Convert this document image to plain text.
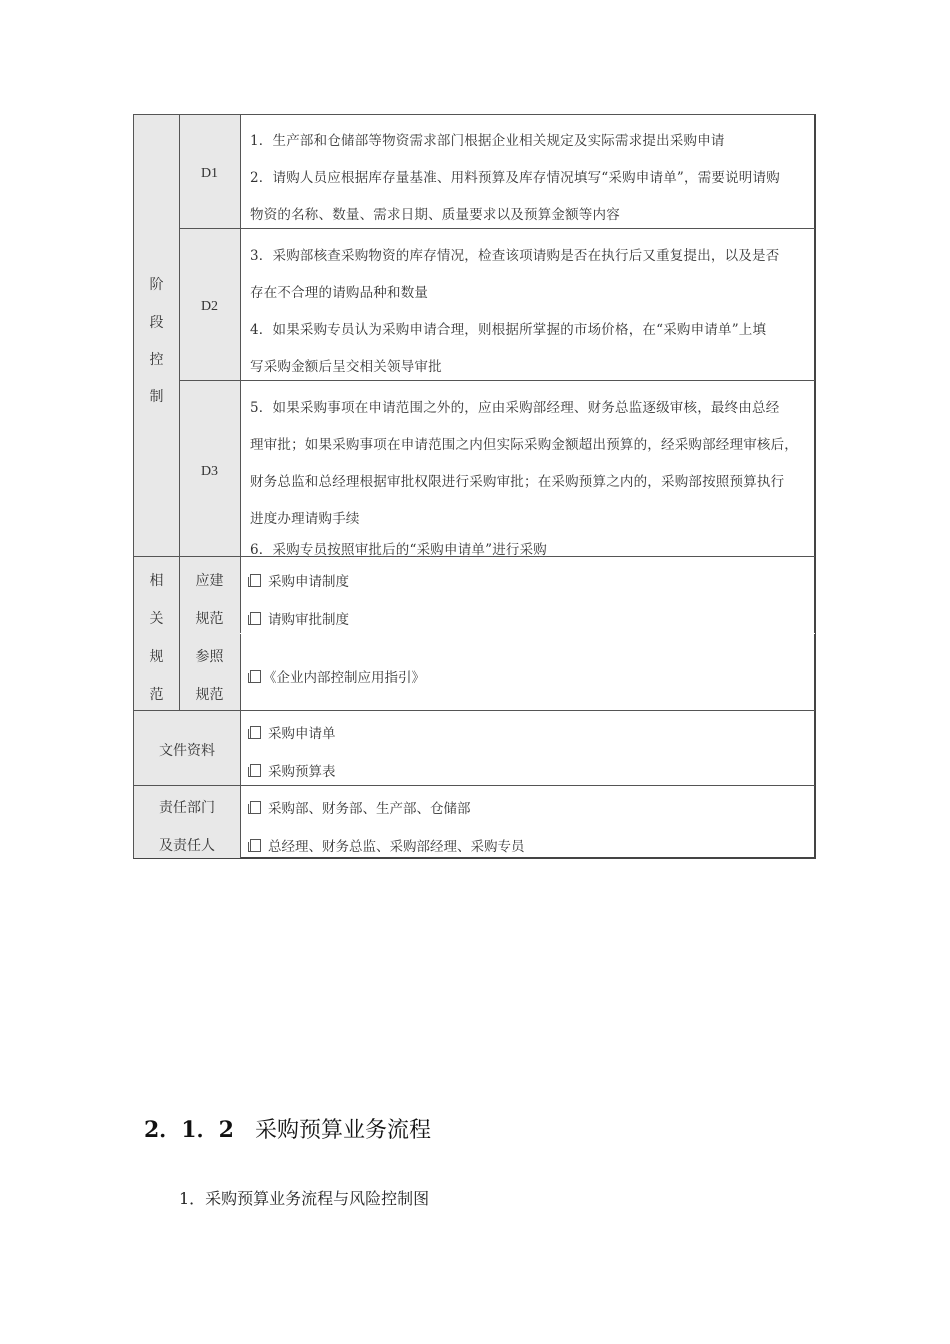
阶
段
控
制
D1
D2
D3
1．生产部和仓储部等物资需求部门根据企业相关规定及实际需求提出采购申请
2．请购人员应根据库存量基准、用料预算及库存情况填写“采购申请单”，需要说明请购
物资的名称、数量、需求日期、质量要求以及预算金额等内容
3．采购部核查采购物资的库存情况，检查该项请购是否在执行后又重复提出，以及是否
存在不合理的请购品种和数量
4．如果采购专员认为采购申请合理，则根据所掌握的市场价格，在“采购申请单”上填
写采购金额后呈交相关领导审批
5．如果采购事项在申请范围之外的，应由采购部经理、财务总监逐级审核，最终由总经
理审批；如果采购事项在申请范围之内但实际采购金额超出预算的，经采购部经理审核后，
财务总监和总经理根据审批权限进行采购审批；在采购预算之内的，采购部按照预算执行
进度办理请购手续
6．采购专员按照审批后的“采购申请单”进行采购
相
关
规
范
应建
规范
参照
规范
采购申请制度
请购审批制度
《企业内部控制应用指引》
文件资料
采购申请单
采购预算表
责任部门
及责任人
采购部、财务部、生产部、仓储部
总经理、财务总监、采购部经理、采购专员
2．1．2 采购预算业务流程
1．采购预算业务流程与风险控制图
